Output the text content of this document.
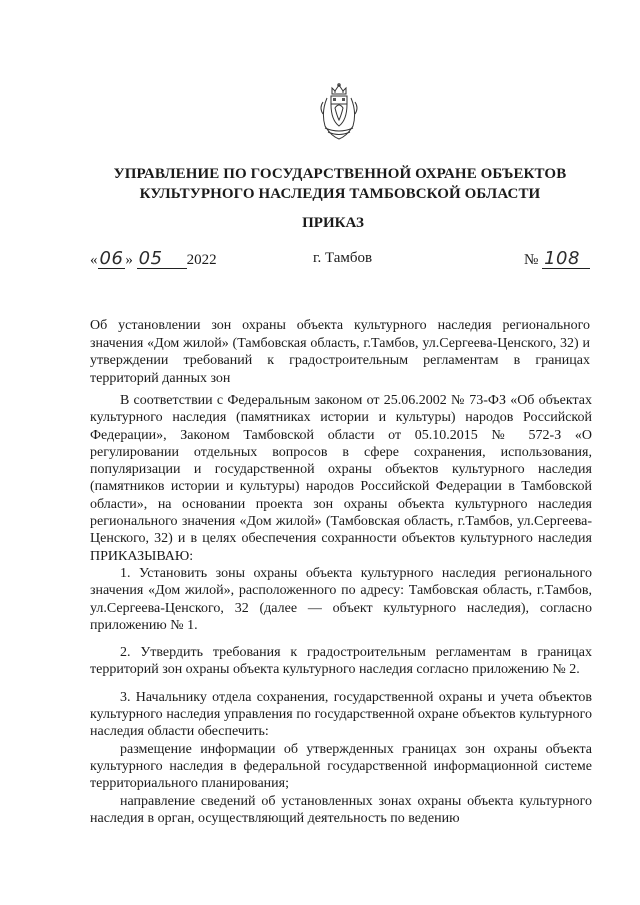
УПРАВЛЕНИЕ ПО ГОСУДАРСТВЕННОЙ ОХРАНЕ ОБЪЕКТОВ
КУЛЬТУРНОГО НАСЛЕДИЯ ТАМБОВСКОЙ ОБЛАСТИ
ПРИКАЗ
« 06 » 05 2022	г. Тамбов	№ 108
Об установлении зон охраны объекта культурного наследия регионального значения «Дом жилой» (Тамбовская область, г.Тамбов, ул.Сергеева-Ценского, 32) и утверждении требований к градостроительным регламентам в границах территорий данных зон

В соответствии с Федеральным законом от 25.06.2002 № 73-ФЗ «Об объектах культурного наследия (памятниках истории и культуры) народов Российской Федерации», Законом Тамбовской области от 05.10.2015 № 572-З «О регулировании отдельных вопросов в сфере сохранения, использования, популяризации и государственной охраны объектов культурного наследия (памятников истории и культуры) народов Российской Федерации в Тамбовской области», на основании проекта зон охраны объекта культурного наследия регионального значения «Дом жилой» (Тамбовская область, г.Тамбов, ул.Сергеева-Ценского, 32) и в целях обеспечения сохранности объектов культурного наследия ПРИКАЗЫВАЮ:

1. Установить зоны охраны объекта культурного наследия регионального значения «Дом жилой», расположенного по адресу: Тамбовская область, г.Тамбов, ул.Сергеева-Ценского, 32 (далее — объект культурного наследия), согласно приложению № 1.

2. Утвердить требования к градостроительным регламентам в границах территорий зон охраны объекта культурного наследия согласно приложению № 2.

3. Начальнику отдела сохранения, государственной охраны и учета объектов культурного наследия управления по государственной охране объектов культурного наследия области обеспечить:

размещение информации об утвержденных границах зон охраны объекта культурного наследия в федеральной государственной информационной системе территориального планирования;

направление сведений об установленных зонах охраны объекта культурного наследия в орган, осуществляющий деятельность по ведению
